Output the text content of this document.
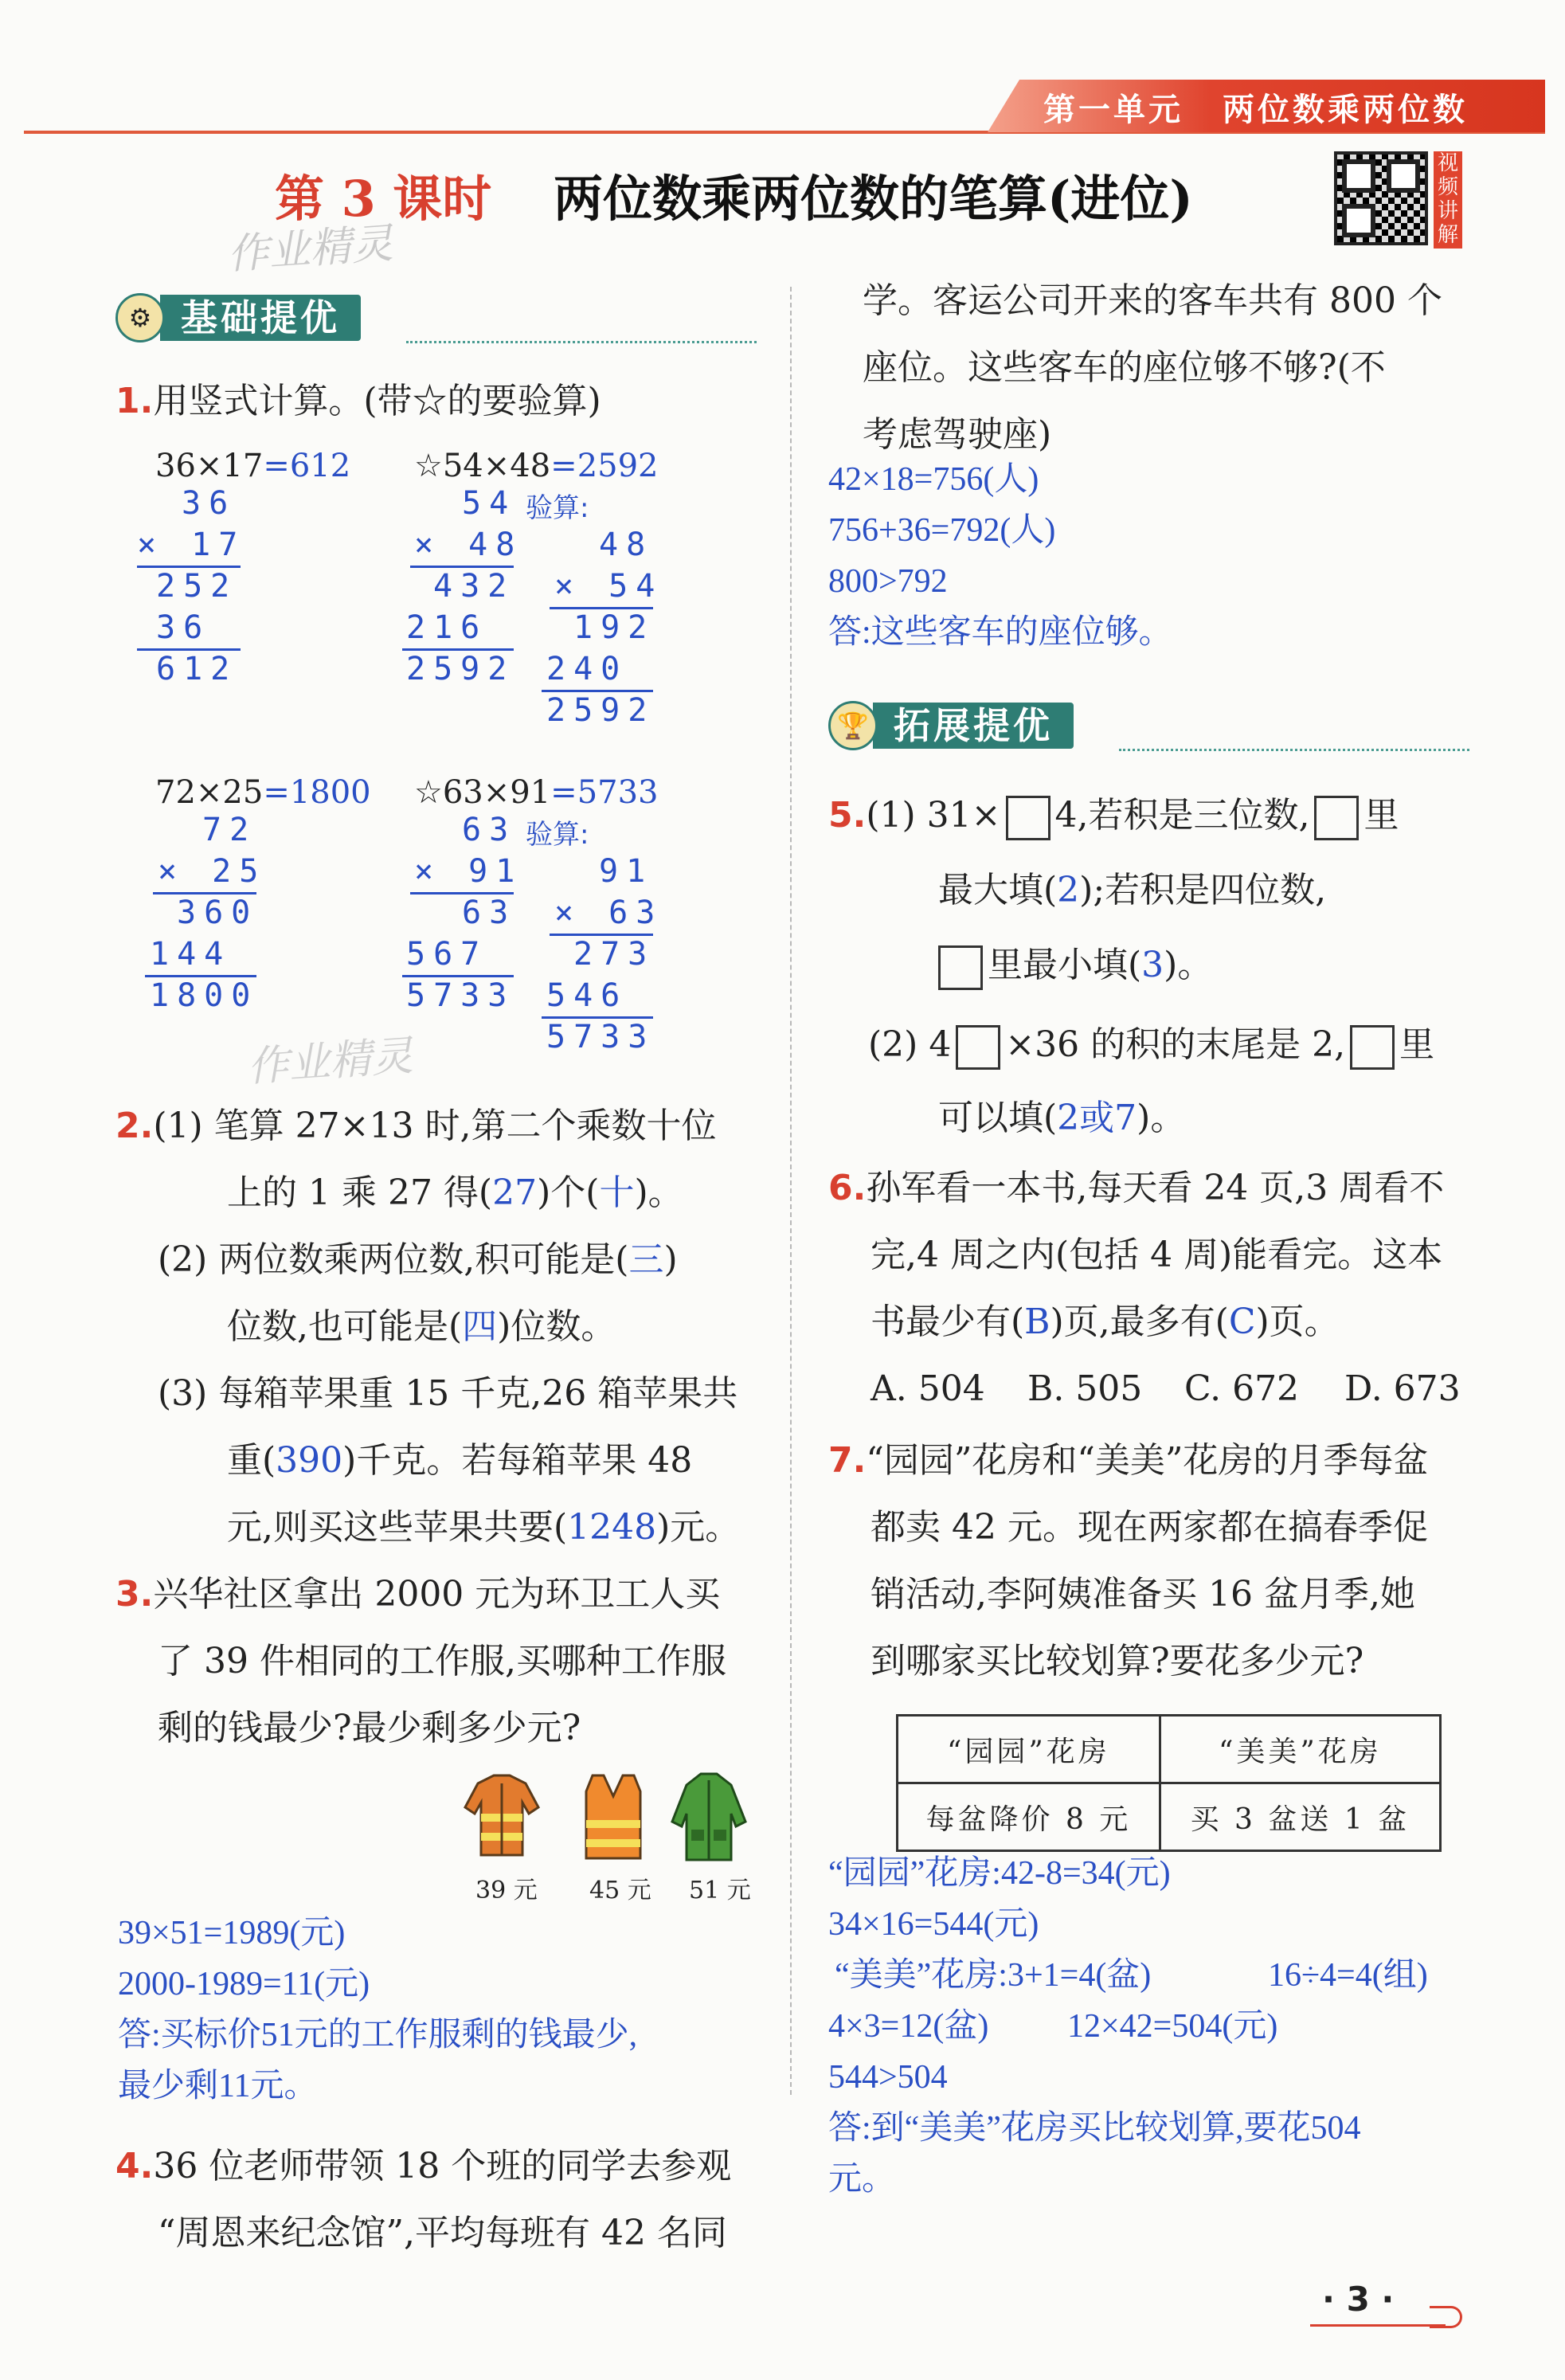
第一单元 两位数乘两位数
第 3 课时 两位数乘两位数的笔算(进位)
视
频
讲
解
作业精灵
⚙ 基础提优
1.用竖式计算。(带☆的要验算)
36×17=612
36
× 17
252
36
612
☆54×48=2592
54 验算:
× 48
432
216
2592
48
× 54
192
240
2592
72×25=1800
72
× 25
360
144
1800
☆63×91=5733
63 验算:
× 91
63
567
5733
91
× 63
273
546
5733
作业精灵
2.(1) 笔算 27×13 时,第二个乘数十位
上的 1 乘 27 得(27)个(十)。
(2) 两位数乘两位数,积可能是(三)
位数,也可能是(四)位数。
(3) 每箱苹果重 15 千克,26 箱苹果共
重(390)千克。若每箱苹果 48
元,则买这些苹果共要(1248)元。
3.兴华社区拿出 2000 元为环卫工人买
了 39 件相同的工作服,买哪种工作服
剩的钱最少?最少剩多少元?
39 元 45 元 51 元
39×51=1989(元)
2000-1989=11(元)
答:买标价51元的工作服剩的钱最少,
最少剩11元。
4.36 位老师带领 18 个班的同学去参观
“周恩来纪念馆”,平均每班有 42 名同
学。客运公司开来的客车共有 800 个
座位。这些客车的座位够不够?(不
考虑驾驶座)
42×18=756(人)
756+36=792(人)
800>792
答:这些客车的座位够。
🏆 拓展提优
5.(1) 31× 4,若积是三位数, 里
最大填(2);若积是四位数,
里最小填(3)。
(2) 4 ×36 的积的末尾是 2, 里
可以填(2或7)。
6.孙军看一本书,每天看 24 页,3 周看不
完,4 周之内(包括 4 周)能看完。这本
书最少有(B)页,最多有(C)页。
A. 504 B. 505 C. 672 D. 673
7.“园园”花房和“美美”花房的月季每盆
都卖 42 元。现在两家都在搞春季促
销活动,李阿姨准备买 16 盆月季,她
到哪家买比较划算?要花多少元?
“园园”花房	“美美”花房
每盆降价 8 元	买 3 盆送 1 盆
“园园”花房:42-8=34(元)
34×16=544(元)
“美美”花房:3+1=4(盆)	16÷4=4(组)
4×3=12(盆) 12×42=504(元)
544>504
答:到“美美”花房买比较划算,要花504
元。
· 3 ·
